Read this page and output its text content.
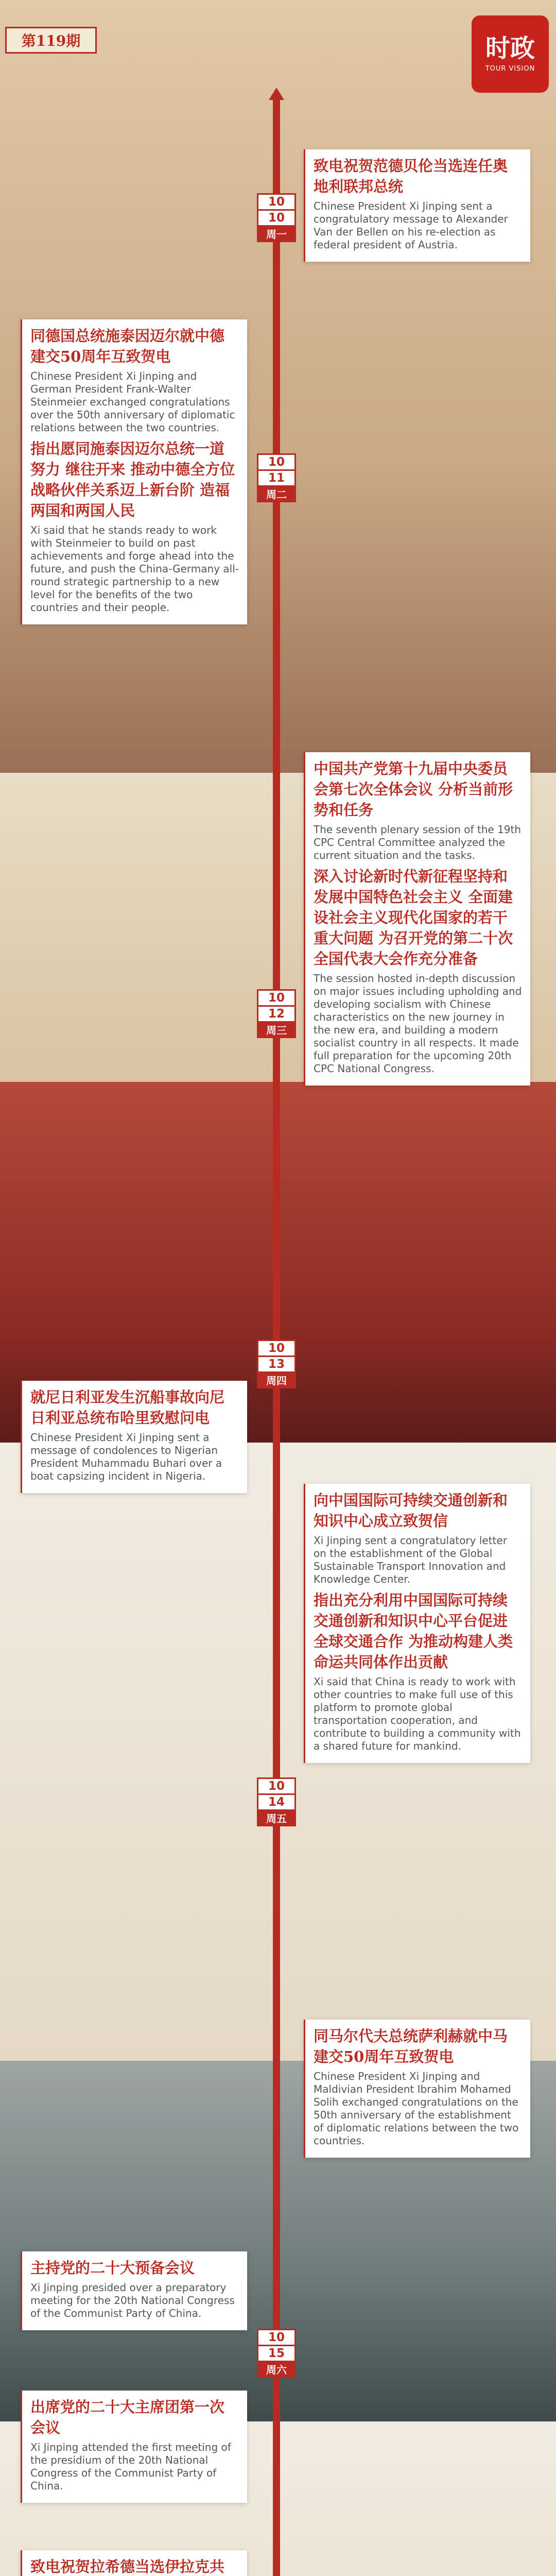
第119期	时政
TOUR VISION
10
10
周一
10
11
周二
10
12
周三
10
13
周四
10
14
周五
10
15
周六

致电祝贺范德贝伦当选连任奥地利联邦总统

Chinese President Xi Jinping sent a congratulatory message to Alexander Van der Bellen on his re-election as federal president of Austria.

同德国总统施泰因迈尔就中德建交50周年互致贺电

Chinese President Xi Jinping and German President Frank-Walter Steinmeier exchanged congratulations over the 50th anniversary of diplomatic relations between the two countries.

指出愿同施泰因迈尔总统一道努力 继往开来 推动中德全方位战略伙伴关系迈上新台阶 造福两国和两国人民

Xi said that he stands ready to work with Steinmeier to build on past achievements and forge ahead into the future, and push the China-Germany all-round strategic partnership to a new level for the benefits of the two countries and their people.

中国共产党第十九届中央委员会第七次全体会议 分析当前形势和任务

The seventh plenary session of the 19th CPC Central Committee analyzed the current situation and the tasks.

深入讨论新时代新征程坚持和发展中国特色社会主义 全面建设社会主义现代化国家的若干重大问题 为召开党的第二十次全国代表大会作充分准备

The session hosted in-depth discussion on major issues including upholding and developing socialism with Chinese characteristics on the new journey in the new era, and building a modern socialist country in all respects. It made full preparation for the upcoming 20th CPC National Congress.

就尼日利亚发生沉船事故向尼日利亚总统布哈里致慰问电

Chinese President Xi Jinping sent a message of condolences to Nigerian President Muhammadu Buhari over a boat capsizing incident in Nigeria.

向中国国际可持续交通创新和知识中心成立致贺信

Xi Jinping sent a congratulatory letter on the establishment of the Global Sustainable Transport Innovation and Knowledge Center.

指出充分利用中国国际可持续交通创新和知识中心平台促进全球交通合作 为推动构建人类命运共同体作出贡献

Xi said that China is ready to work with other countries to make full use of this platform to promote global transportation cooperation, and contribute to building a community with a shared future for mankind.

同马尔代夫总统萨利赫就中马建交50周年互致贺电

Chinese President Xi Jinping and Maldivian President Ibrahim Mohamed Solih exchanged congratulations on the 50th anniversary of the establishment of diplomatic relations between the two countries.

主持党的二十大预备会议

Xi Jinping presided over a preparatory meeting for the 20th National Congress of the Communist Party of China.

出席党的二十大主席团第一次会议

Xi Jinping attended the first meeting of the presidium of the 20th National Congress of the Communist Party of China.

致电祝贺拉希德当选伊拉克共
